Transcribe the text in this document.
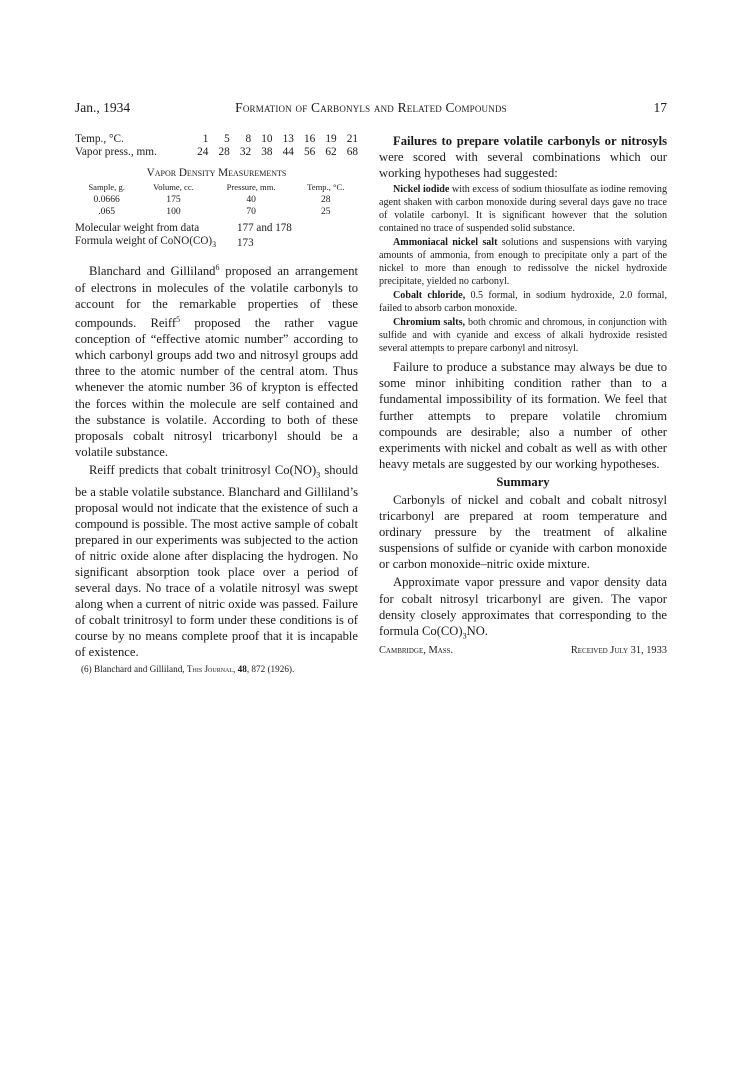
Jan., 1934	Formation of Carbonyls and Related Compounds	17
Temp., °C.	1	5	8	10	13	16	19	21
Vapor press., mm.	24	28	32	38	44	56	62	68
Vapor Density Measurements
Sample, g.	Volume, cc.	Pressure, mm.	Temp., °C.
0.0666	175	40	28
.065	100	70	25
Molecular weight from data	177 and 178
Formula weight of $CoNO(CO)_3$	173

Blanchard and Gilliland$^6$ proposed an arrangement of electrons in molecules of the volatile carbonyls to account for the remarkable properties of these compounds. Reiff$^5$ proposed the rather vague conception of “effective atomic number” according to which carbonyl groups add two and nitrosyl groups add three to the atomic number of the central atom. Thus whenever the atomic number 36 of krypton is effected the forces within the molecule are self contained and the substance is volatile. According to both of these proposals cobalt nitrosyl tricarbonyl should be a volatile substance.

Reiff predicts that cobalt trinitrosyl $Co(NO)_3$ should be a stable volatile substance. Blanchard and Gilliland’s proposal would not indicate that the existence of such a compound is possible. The most active sample of cobalt prepared in our experiments was subjected to the action of nitric oxide alone after displacing the hydrogen. No significant absorption took place over a period of several days. No trace of a volatile nitrosyl was swept along when a current of nitric oxide was passed. Failure of cobalt trinitrosyl to form under these conditions is of course by no means complete proof that it is incapable of existence.

(6) Blanchard and Gilliland, This Journal, 48, 872 (1926).

Failures to prepare volatile carbonyls or nitrosyls were scored with several combinations which our working hypotheses had suggested:

Nickel iodide with excess of sodium thiosulfate as iodine removing agent shaken with carbon monoxide during several days gave no trace of volatile carbonyl. It is significant however that the solution contained no trace of suspended solid substance.

Ammoniacal nickel salt solutions and suspensions with varying amounts of ammonia, from enough to precipitate only a part of the nickel to more than enough to redissolve the nickel hydroxide precipitate, yielded no carbonyl.

Cobalt chloride, 0.5 formal, in sodium hydroxide, 2.0 formal, failed to absorb carbon monoxide.

Chromium salts, both chromic and chromous, in conjunction with sulfide and with cyanide and excess of alkali hydroxide resisted several attempts to prepare carbonyl and nitrosyl.

Failure to produce a substance may always be due to some minor inhibiting condition rather than to a fundamental impossibility of its formation. We feel that further attempts to prepare volatile chromium compounds are desirable; also a number of other experiments with nickel and cobalt as well as with other heavy metals are suggested by our working hypotheses.

Summary

Carbonyls of nickel and cobalt and cobalt nitrosyl tricarbonyl are prepared at room temperature and ordinary pressure by the treatment of alkaline suspensions of sulfide or cyanide with carbon monoxide or carbon monoxide–nitric oxide mixture.

Approximate vapor pressure and vapor density data for cobalt nitrosyl tricarbonyl are given. The vapor density closely approximates that corresponding to the formula $Co(CO)_3NO$.

Cambridge, Mass.	Received July 31, 1933
